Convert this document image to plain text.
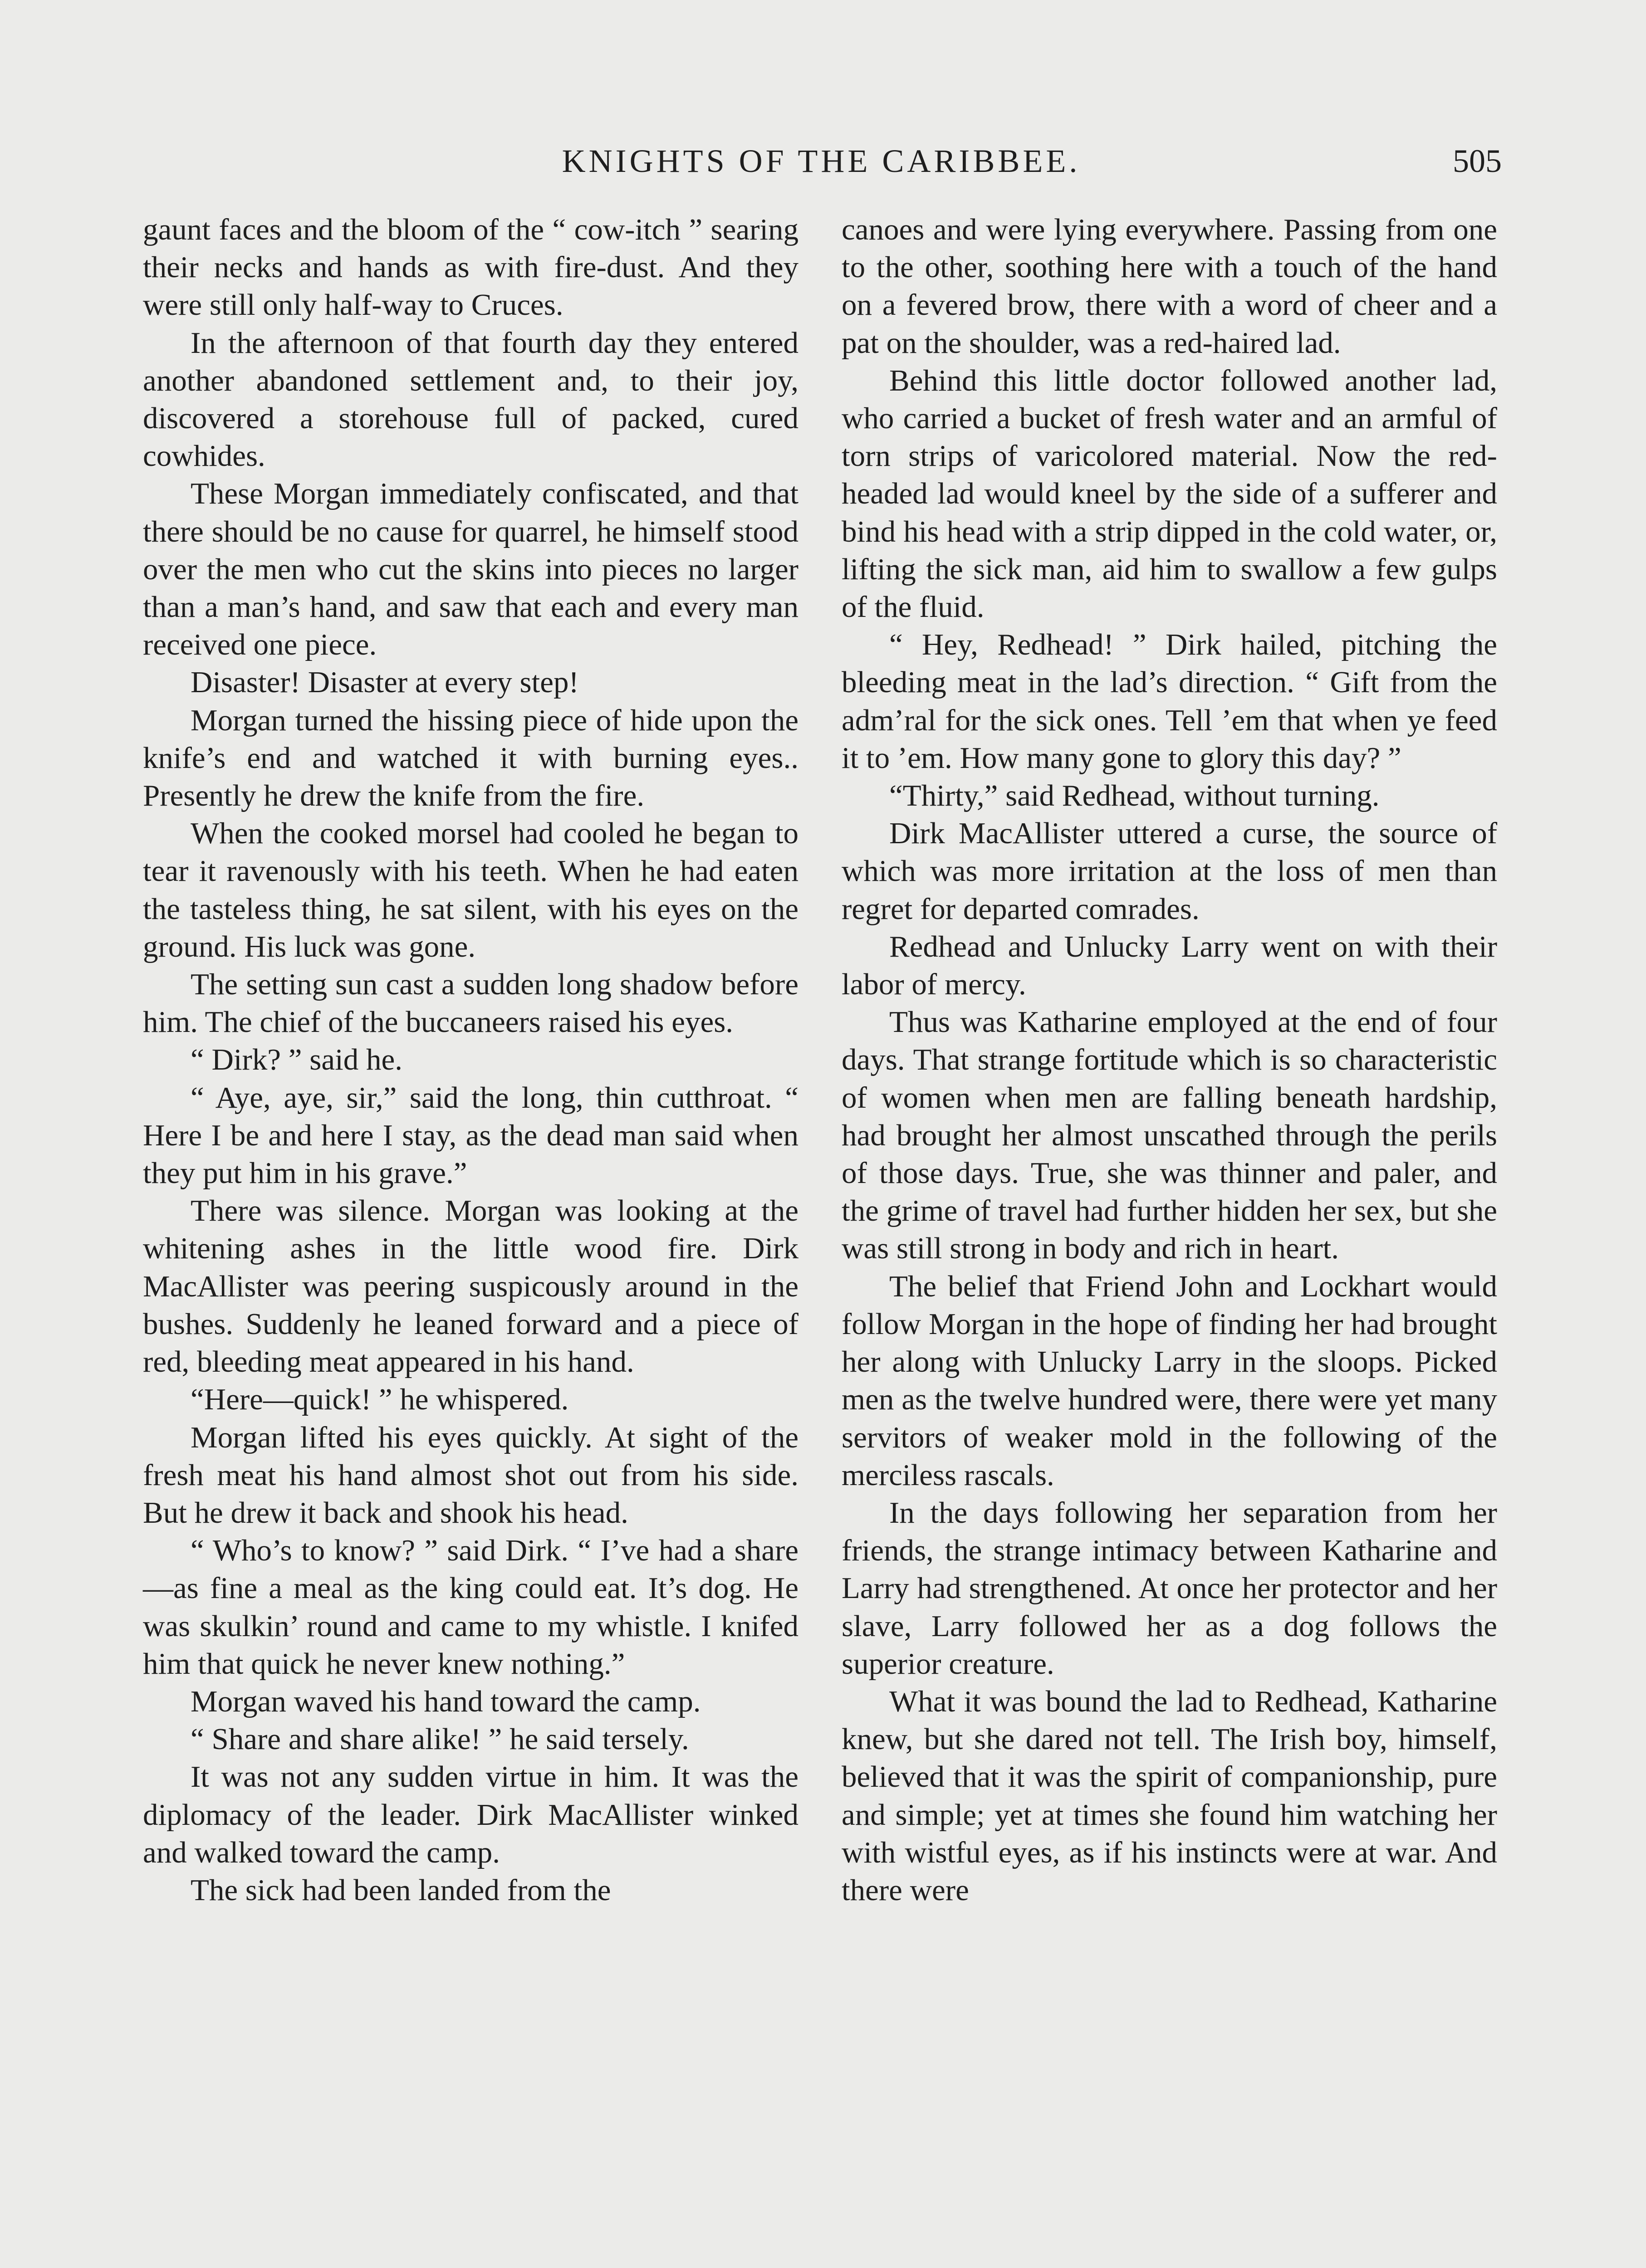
KNIGHTS OF THE CARIBBEE.	505

gaunt faces and the bloom of the “ cow-itch ” searing their necks and hands as with fire-dust. And they were still only half-way to Cruces.

In the afternoon of that fourth day they entered another abandoned settlement and, to their joy, discovered a storehouse full of packed, cured cowhides.

These Morgan immediately confiscated, and that there should be no cause for quarrel, he himself stood over the men who cut the skins into pieces no larger than a man’s hand, and saw that each and every man received one piece.

Disaster! Disaster at every step!

Morgan turned the hissing piece of hide upon the knife’s end and watched it with burning eyes.. Presently he drew the knife from the fire.

When the cooked morsel had cooled he began to tear it ravenously with his teeth. When he had eaten the tasteless thing, he sat silent, with his eyes on the ground. His luck was gone.

The setting sun cast a sudden long shadow before him. The chief of the buccaneers raised his eyes.

“ Dirk? ” said he.

“ Aye, aye, sir,” said the long, thin cutthroat. “ Here I be and here I stay, as the dead man said when they put him in his grave.”

There was silence. Morgan was looking at the whitening ashes in the little wood fire. Dirk MacAllister was peering suspicously around in the bushes. Suddenly he leaned forward and a piece of red, bleeding meat appeared in his hand.

“Here—quick! ” he whispered.

Morgan lifted his eyes quickly. At sight of the fresh meat his hand almost shot out from his side. But he drew it back and shook his head.

“ Who’s to know? ” said Dirk. “ I’ve had a share—as fine a meal as the king could eat. It’s dog. He was skulkin’ round and came to my whistle. I knifed him that quick he never knew nothing.”

Morgan waved his hand toward the camp.

“ Share and share alike! ” he said tersely.

It was not any sudden virtue in him. It was the diplomacy of the leader. Dirk MacAllister winked and walked toward the camp.

The sick had been landed from the

canoes and were lying everywhere. Passing from one to the other, soothing here with a touch of the hand on a fevered brow, there with a word of cheer and a pat on the shoulder, was a red-haired lad.

Behind this little doctor followed another lad, who carried a bucket of fresh water and an armful of torn strips of varicolored material. Now the red-headed lad would kneel by the side of a sufferer and bind his head with a strip dipped in the cold water, or, lifting the sick man, aid him to swallow a few gulps of the fluid.

“ Hey, Redhead! ” Dirk hailed, pitching the bleeding meat in the lad’s direction. “ Gift from the adm’ral for the sick ones. Tell ’em that when ye feed it to ’em. How many gone to glory this day? ”

“Thirty,” said Redhead, without turning.

Dirk MacAllister uttered a curse, the source of which was more irritation at the loss of men than regret for departed comrades.

Redhead and Unlucky Larry went on with their labor of mercy.

Thus was Katharine employed at the end of four days. That strange fortitude which is so characteristic of women when men are falling beneath hardship, had brought her almost unscathed through the perils of those days. True, she was thinner and paler, and the grime of travel had further hidden her sex, but she was still strong in body and rich in heart.

The belief that Friend John and Lockhart would follow Morgan in the hope of finding her had brought her along with Unlucky Larry in the sloops. Picked men as the twelve hundred were, there were yet many servitors of weaker mold in the following of the merciless rascals.

In the days following her separation from her friends, the strange intimacy between Katharine and Larry had strengthened. At once her protector and her slave, Larry followed her as a dog follows the superior creature.

What it was bound the lad to Redhead, Katharine knew, but she dared not tell. The Irish boy, himself, believed that it was the spirit of companionship, pure and simple; yet at times she found him watching her with wistful eyes, as if his instincts were at war. And there were
